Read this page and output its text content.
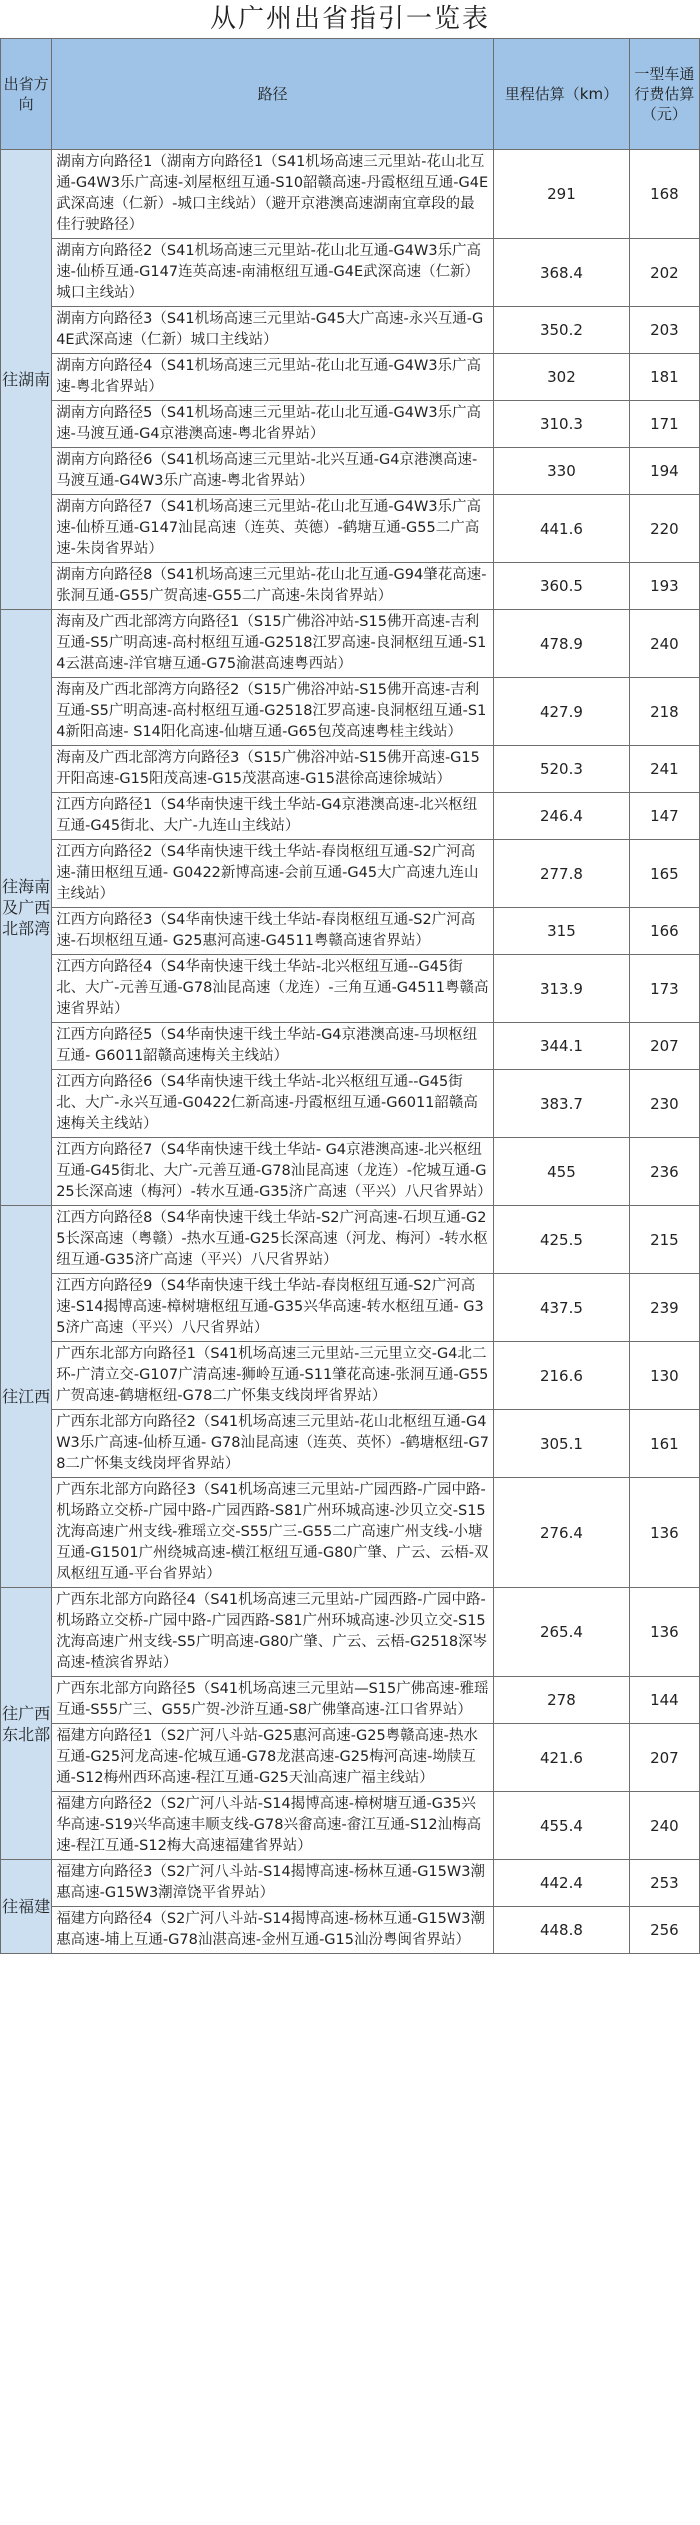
从广州出省指引一览表
出省方向	路径	里程估算（km）	一型车通行费估算（元）
往湖南	湖南方向路径1（湖南方向路径1（S41机场高速三元里站-花山北互通-G4W3乐广高速-刘屋枢纽互通-S10韶赣高速-丹霞枢纽互通-G4E武深高速（仁新）-城口主线站）（避开京港澳高速湖南宜章段的最佳行驶路径）	291	168
	湖南方向路径2（S41机场高速三元里站-花山北互通-G4W3乐广高速-仙桥互通-G147连英高速-南浦枢纽互通-G4E武深高速（仁新）城口主线站）	368.4	202
	湖南方向路径3（S41机场高速三元里站-G45大广高速-永兴互通-G4E武深高速（仁新）城口主线站）	350.2	203
	湖南方向路径4（S41机场高速三元里站-花山北互通-G4W3乐广高速-粤北省界站）	302	181
	湖南方向路径5（S41机场高速三元里站-花山北互通-G4W3乐广高速-马渡互通-G4京港澳高速-粤北省界站）	310.3	171
	湖南方向路径6（S41机场高速三元里站-北兴互通-G4京港澳高速-马渡互通-G4W3乐广高速-粤北省界站）	330	194
	湖南方向路径7（S41机场高速三元里站-花山北互通-G4W3乐广高速-仙桥互通-G147汕昆高速（连英、英德）-鹤塘互通-G55二广高速-朱岗省界站）	441.6	220
	湖南方向路径8（S41机场高速三元里站-花山北互通-G94肇花高速-张洞互通-G55广贺高速-G55二广高速-朱岗省界站）	360.5	193
往海南及广西北部湾	海南及广西北部湾方向路径1（S15广佛浴冲站-S15佛开高速-吉利互通-S5广明高速-高村枢纽互通-G2518江罗高速-良洞枢纽互通-S14云湛高速-洋官塘互通-G75渝湛高速粤西站）	478.9	240
	海南及广西北部湾方向路径2（S15广佛浴冲站-S15佛开高速-吉利互通-S5广明高速-高村枢纽互通-G2518江罗高速-良洞枢纽互通-S14新阳高速- S14阳化高速-仙塘互通-G65包茂高速粤桂主线站）	427.9	218
	海南及广西北部湾方向路径3（S15广佛浴冲站-S15佛开高速-G15开阳高速-G15阳茂高速-G15茂湛高速-G15湛徐高速徐城站）	520.3	241
	江西方向路径1（S4华南快速干线土华站-G4京港澳高速-北兴枢纽互通-G45街北、大广-九连山主线站）	246.4	147
	江西方向路径2（S4华南快速干线土华站-春岗枢纽互通-S2广河高速-蒲田枢纽互通- G0422新博高速-会前互通-G45大广高速九连山主线站）	277.8	165
	江西方向路径3（S4华南快速干线土华站-春岗枢纽互通-S2广河高速-石坝枢纽互通- G25惠河高速-G4511粤赣高速省界站）	315	166
	江西方向路径4（S4华南快速干线土华站-北兴枢纽互通--G45街北、大广-元善互通-G78汕昆高速（龙连）-三角互通-G4511粤赣高速省界站）	313.9	173
	江西方向路径5（S4华南快速干线土华站-G4京港澳高速-马坝枢纽互通- G6011韶赣高速梅关主线站）	344.1	207
	江西方向路径6（S4华南快速干线土华站-北兴枢纽互通--G45街北、大广-永兴互通-G0422仁新高速-丹霞枢纽互通-G6011韶赣高速梅关主线站）	383.7	230
	江西方向路径7（S4华南快速干线土华站- G4京港澳高速-北兴枢纽互通-G45街北、大广-元善互通-G78汕昆高速（龙连）-佗城互通-G25长深高速（梅河）-转水互通-G35济广高速（平兴）八尺省界站）	455	236
往江西	江西方向路径8（S4华南快速干线土华站-S2广河高速-石坝互通-G25长深高速（粤赣）-热水互通-G25长深高速（河龙、梅河）-转水枢纽互通-G35济广高速（平兴）八尺省界站）	425.5	215
	江西方向路径9（S4华南快速干线土华站-春岗枢纽互通-S2广河高速-S14揭博高速-樟树塘枢纽互通-G35兴华高速-转水枢纽互通- G35济广高速（平兴）八尺省界站）	437.5	239
	广西东北部方向路径1（S41机场高速三元里站-三元里立交-G4北二环-广清立交-G107广清高速-狮岭互通-S11肇花高速-张洞互通-G55广贺高速-鹤塘枢纽-G78二广怀集支线岗坪省界站）	216.6	130
	广西东北部方向路径2（S41机场高速三元里站-花山北枢纽互通-G4W3乐广高速-仙桥互通- G78汕昆高速（连英、英怀）-鹤塘枢纽-G78二广怀集支线岗坪省界站）	305.1	161
	广西东北部方向路径3（S41机场高速三元里站-广园西路-广园中路-机场路立交桥-广园中路-广园西路-S81广州环城高速-沙贝立交-S15沈海高速广州支线-雅瑶立交-S55广三-G55二广高速广州支线-小塘互通-G1501广州绕城高速-横江枢纽互通-G80广肇、广云、云梧-双凤枢纽互通-平台省界站）	276.4	136
往广西东北部	广西东北部方向路径4（S41机场高速三元里站-广园西路-广园中路-机场路立交桥-广园中路-广园西路-S81广州环城高速-沙贝立交-S15沈海高速广州支线-S5广明高速-G80广肇、广云、云梧-G2518深岑高速-楂滨省界站）	265.4	136
	广西东北部方向路径5（S41机场高速三元里站—S15广佛高速-雅瑶互通-S55广三、G55广贺-沙浒互通-S8广佛肇高速-江口省界站）	278	144
	福建方向路径1（S2广河八斗站-G25惠河高速-G25粤赣高速-热水互通-G25河龙高速-佗城互通-G78龙湛高速-G25梅河高速-坳牍互通-S12梅州西环高速-程江互通-G25天汕高速广福主线站）	421.6	207
	福建方向路径2（S2广河八斗站-S14揭博高速-樟树塘互通-G35兴华高速-S19兴华高速丰顺支线-G78兴畲高速-畲江互通-S12汕梅高速-程江互通-S12梅大高速福建省界站）	455.4	240
往福建	福建方向路径3（S2广河八斗站-S14揭博高速-杨林互通-G15W3潮惠高速-G15W3潮漳饶平省界站）	442.4	253
	福建方向路径4（S2广河八斗站-S14揭博高速-杨林互通-G15W3潮惠高速-埔上互通-G78汕湛高速-金州互通-G15汕汾粤闽省界站）	448.8	256
